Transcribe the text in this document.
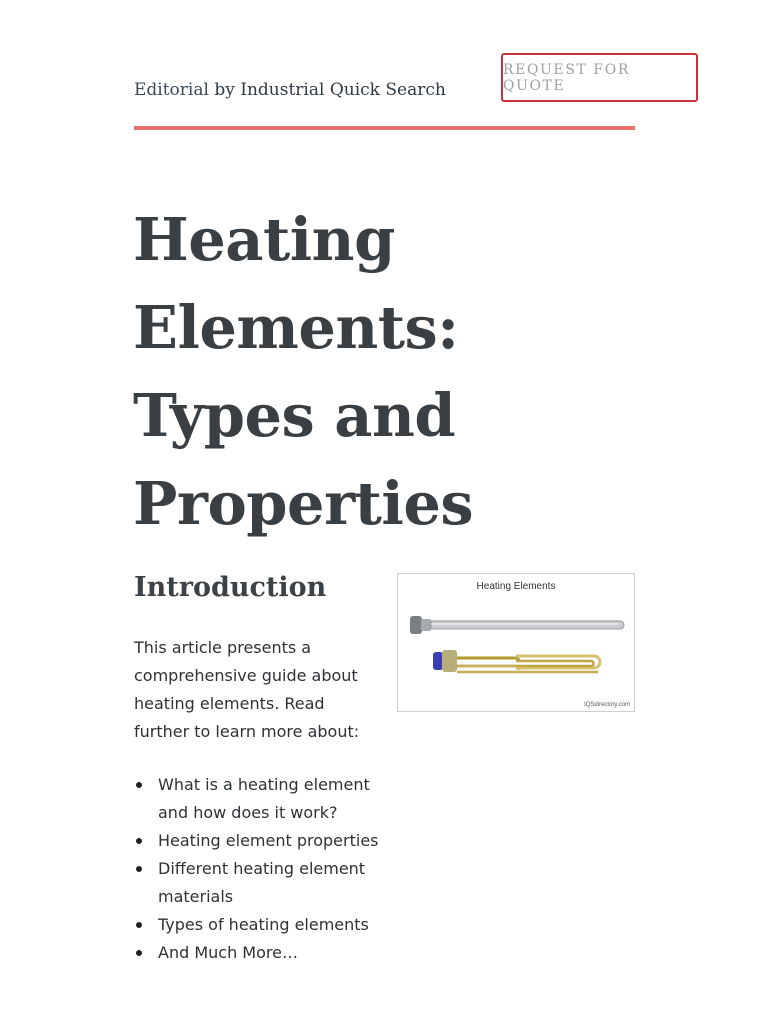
Editorial by Industrial Quick Search
REQUEST FOR QUOTE
Heating Elements: Types and Properties
Introduction

This article presents a comprehensive guide about heating elements. Read further to learn more about:

What is a heating element and how does it work?
Heating element properties
Different heating element materials
Types of heating elements
And Much More…
Heating Elements
IQSdirectory.com
